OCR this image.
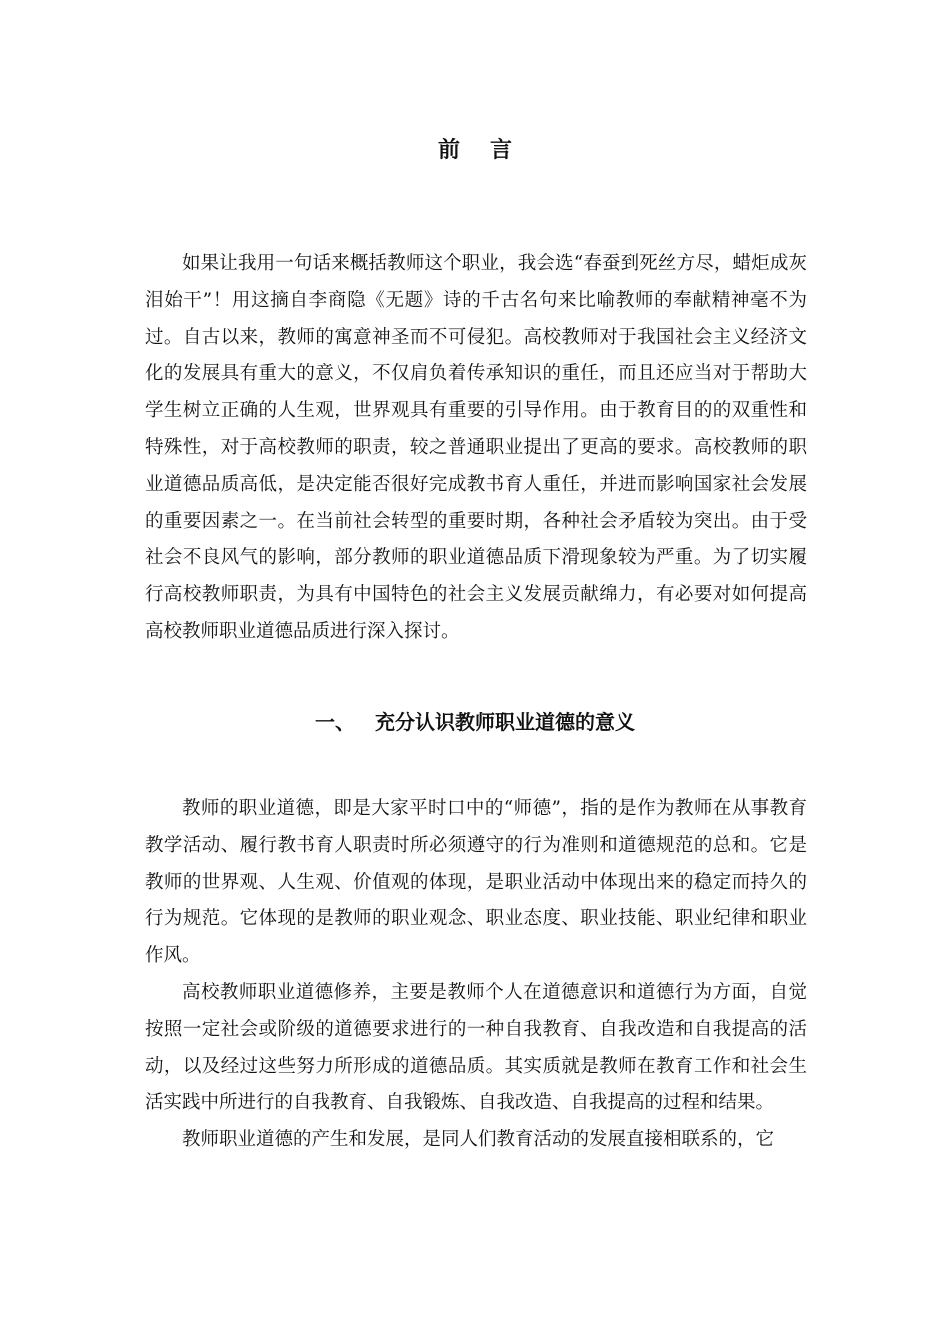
前言

如果让我用一句话来概括教师这个职业，我会选“春蚕到死丝方尽，蜡炬成灰泪始干”！用这摘自李商隐《无题》诗的千古名句来比喻教师的奉献精神毫不为过。自古以来，教师的寓意神圣而不可侵犯。高校教师对于我国社会主义经济文化的发展具有重大的意义，不仅肩负着传承知识的重任，而且还应当对于帮助大学生树立正确的人生观，世界观具有重要的引导作用。由于教育目的的双重性和特殊性，对于高校教师的职责，较之普通职业提出了更高的要求。高校教师的职业道德品质高低，是决定能否很好完成教书育人重任，并进而影响国家社会发展的重要因素之一。在当前社会转型的重要时期，各种社会矛盾较为突出。由于受社会不良风气的影响，部分教师的职业道德品质下滑现象较为严重。为了切实履行高校教师职责，为具有中国特色的社会主义发展贡献绵力，有必要对如何提高高校教师职业道德品质进行深入探讨。

一、 充分认识教师职业道德的意义

教师的职业道德，即是大家平时口中的“师德”，指的是作为教师在从事教育教学活动、履行教书育人职责时所必须遵守的行为准则和道德规范的总和。它是教师的世界观、人生观、价值观的体现，是职业活动中体现出来的稳定而持久的行为规范。它体现的是教师的职业观念、职业态度、职业技能、职业纪律和职业作风。

高校教师职业道德修养，主要是教师个人在道德意识和道德行为方面，自觉按照一定社会或阶级的道德要求进行的一种自我教育、自我改造和自我提高的活动，以及经过这些努力所形成的道德品质。其实质就是教师在教育工作和社会生活实践中所进行的自我教育、自我锻炼、自我改造、自我提高的过程和结果。

教师职业道德的产生和发展，是同人们教育活动的发展直接相联系的，它
